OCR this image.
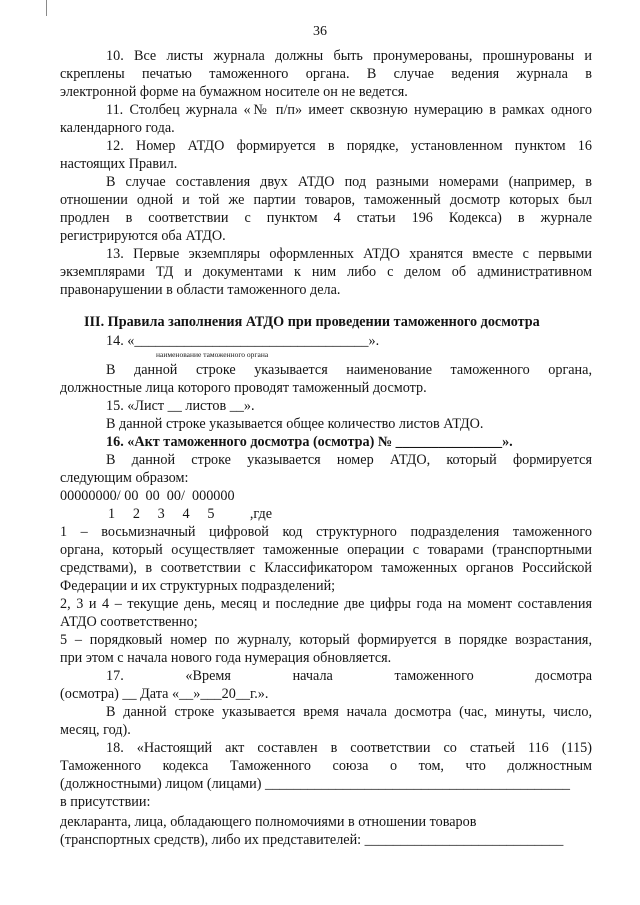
36
10. Все листы журнала должны быть пронумерованы, прошнурованы и
скреплены печатью таможенного органа. В случае ведения журнала в
электронной форме на бумажном носителе он не ведется.
11. Столбец журнала «№ п/п» имеет сквозную нумерацию в рамках одного
календарного года.
12. Номер АТДО формируется в порядке, установленном пунктом 16
настоящих Правил.
В случае составления двух АТДО под разными номерами (например, в
отношении одной и той же партии товаров, таможенный досмотр которых был
продлен в соответствии с пунктом 4 статьи 196 Кодекса) в журнале
регистрируются оба АТДО.
13. Первые экземпляры оформленных АТДО хранятся вместе с первыми
экземплярами ТД и документами к ним либо с делом об административном
правонарушении в области таможенного дела.
III. Правила заполнения АТДО при проведении таможенного досмотра
14. «_________________________________».
наименование таможенного органа
В данной строке указывается наименование таможенного органа,
должностные лица которого проводят таможенный досмотр.
15. «Лист __ листов __».
В данной строке указывается общее количество листов АТДО.
16. «Акт таможенного досмотра (осмотра) № _______________».
В данной строке указывается номер АТДО, который формируется
следующим образом:
00000000/ 00  00  00/  000000
1     2     3     4     5          ,где
1 – восьмизначный цифровой код структурного подразделения таможенного
органа, который осуществляет таможенные операции с товарами (транспортными
средствами), в соответствии с Классификатором таможенных органов Российской
Федерации и их структурных подразделений;
2, 3 и 4 – текущие день, месяц и последние две цифры года на момент составления
АТДО соответственно;
5 – порядковый номер по журналу, который формируется в порядке возрастания,
при этом с начала нового года нумерация обновляется.
17. «Время начала таможенного досмотра
(осмотра) __ Дата «__»___20__г.».
В данной строке указывается время начала досмотра (час, минуты, число,
месяц, год).
18. «Настоящий акт составлен в соответствии со статьей 116 (115)
Таможенного кодекса Таможенного союза о том, что должностным
(должностными) лицом (лицами) ___________________________________________
в присутствии:
декларанта, лица, обладающего полномочиями в отношении товаров
(транспортных средств), либо их представителей: ____________________________
